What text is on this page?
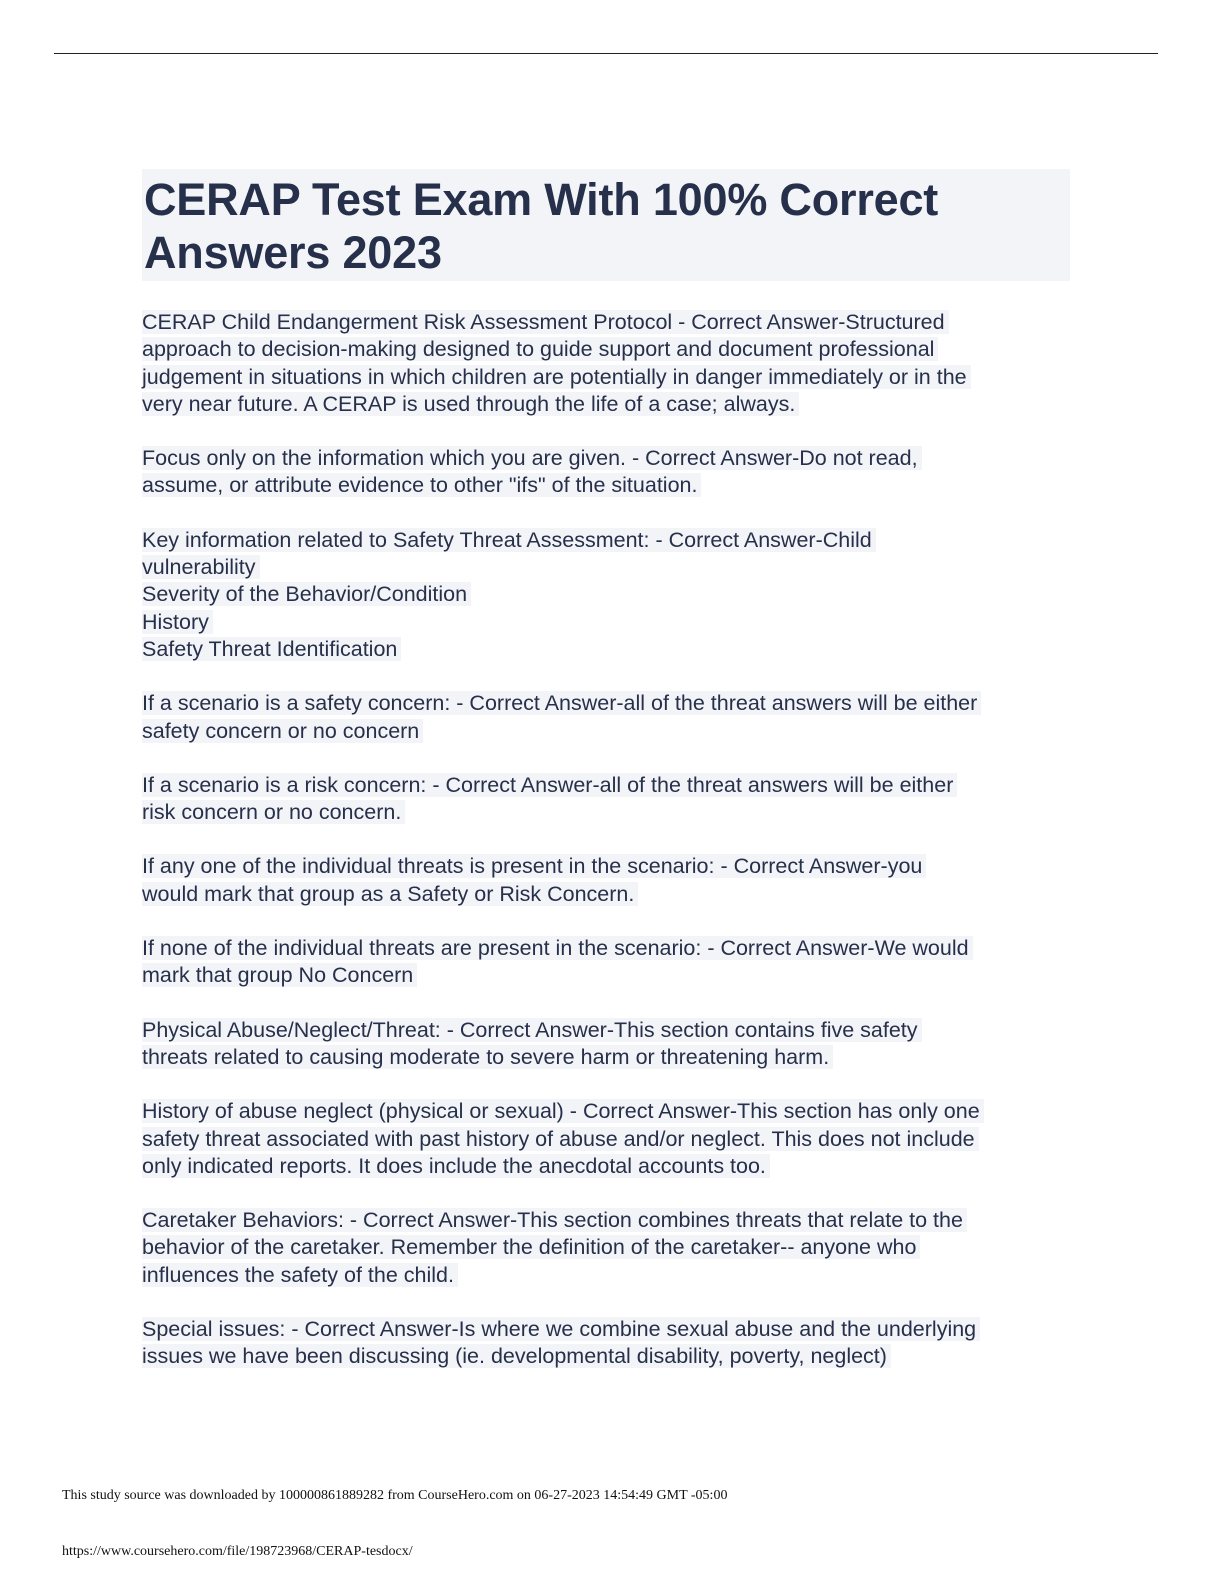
CERAP Test Exam With 100% Correct
Answers 2023

CERAP Child Endangerment Risk Assessment Protocol - Correct Answer-Structured
approach to decision-making designed to guide support and document professional
judgement in situations in which children are potentially in danger immediately or in the
very near future. A CERAP is used through the life of a case; always.

Focus only on the information which you are given. - Correct Answer-Do not read,
assume, or attribute evidence to other "ifs" of the situation.

Key information related to Safety Threat Assessment: - Correct Answer-Child
vulnerability
Severity of the Behavior/Condition
History
Safety Threat Identification

If a scenario is a safety concern: - Correct Answer-all of the threat answers will be either
safety concern or no concern

If a scenario is a risk concern: - Correct Answer-all of the threat answers will be either
risk concern or no concern.

If any one of the individual threats is present in the scenario: - Correct Answer-you
would mark that group as a Safety or Risk Concern.

If none of the individual threats are present in the scenario: - Correct Answer-We would
mark that group No Concern

Physical Abuse/Neglect/Threat: - Correct Answer-This section contains five safety
threats related to causing moderate to severe harm or threatening harm.

History of abuse neglect (physical or sexual) - Correct Answer-This section has only one
safety threat associated with past history of abuse and/or neglect. This does not include
only indicated reports. It does include the anecdotal accounts too.

Caretaker Behaviors: - Correct Answer-This section combines threats that relate to the
behavior of the caretaker. Remember the definition of the caretaker-- anyone who
influences the safety of the child.

Special issues: - Correct Answer-Is where we combine sexual abuse and the underlying
issues we have been discussing (ie. developmental disability, poverty, neglect)

This study source was downloaded by 100000861889282 from CourseHero.com on 06-27-2023 14:54:49 GMT -05:00
https://www.coursehero.com/file/198723968/CERAP-tesdocx/
